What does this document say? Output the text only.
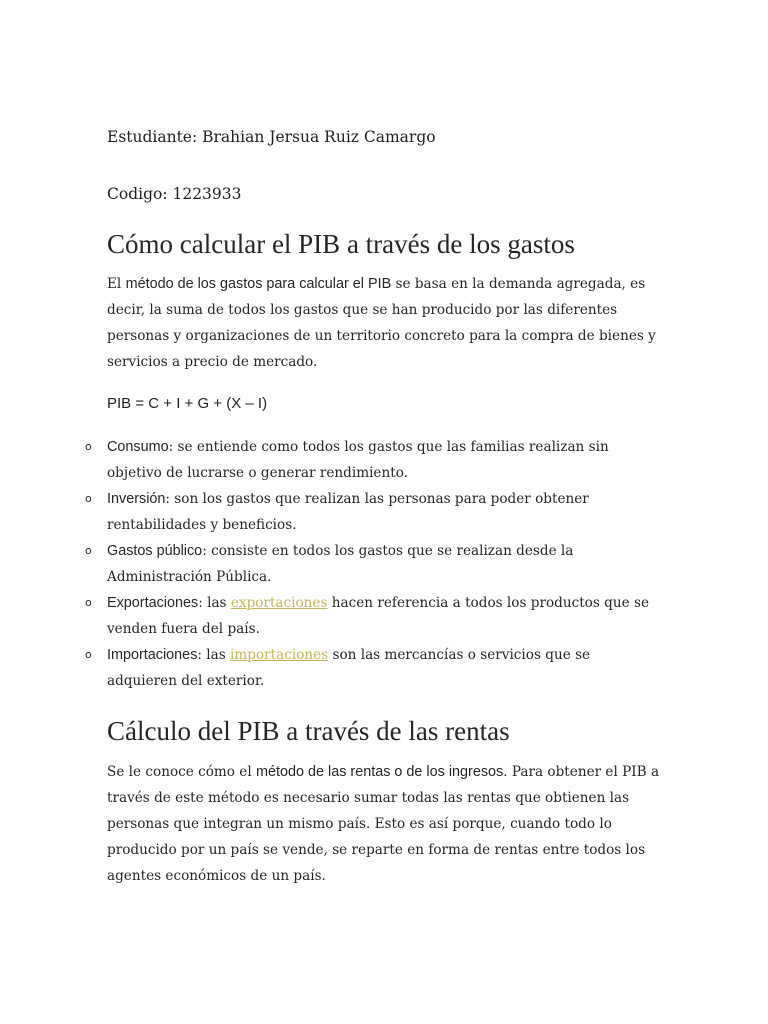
Estudiante: Brahian Jersua Ruiz Camargo
Codigo: 1223933
Cómo calcular el PIB a través de los gastos

El método de los gastos para calcular el PIB se basa en la demanda agregada, es decir, la suma de todos los gastos que se han producido por las diferentes personas y organizaciones de un territorio concreto para la compra de bienes y servicios a precio de mercado.

PIB = C + I + G + (X – I)
o Consumo: se entiende como todos los gastos que las familias realizan sin objetivo de lucrarse o generar rendimiento.
o Inversión: son los gastos que realizan las personas para poder obtener rentabilidades y beneficios.
o Gastos público: consiste en todos los gastos que se realizan desde la Administración Pública.
o Exportaciones: las exportaciones hacen referencia a todos los productos que se venden fuera del país.
o Importaciones: las importaciones son las mercancías o servicios que se adquieren del exterior.
Cálculo del PIB a través de las rentas

Se le conoce cómo el método de las rentas o de los ingresos. Para obtener el PIB a través de este método es necesario sumar todas las rentas que obtienen las personas que integran un mismo país. Esto es así porque, cuando todo lo producido por un país se vende, se reparte en forma de rentas entre todos los agentes económicos de un país.
